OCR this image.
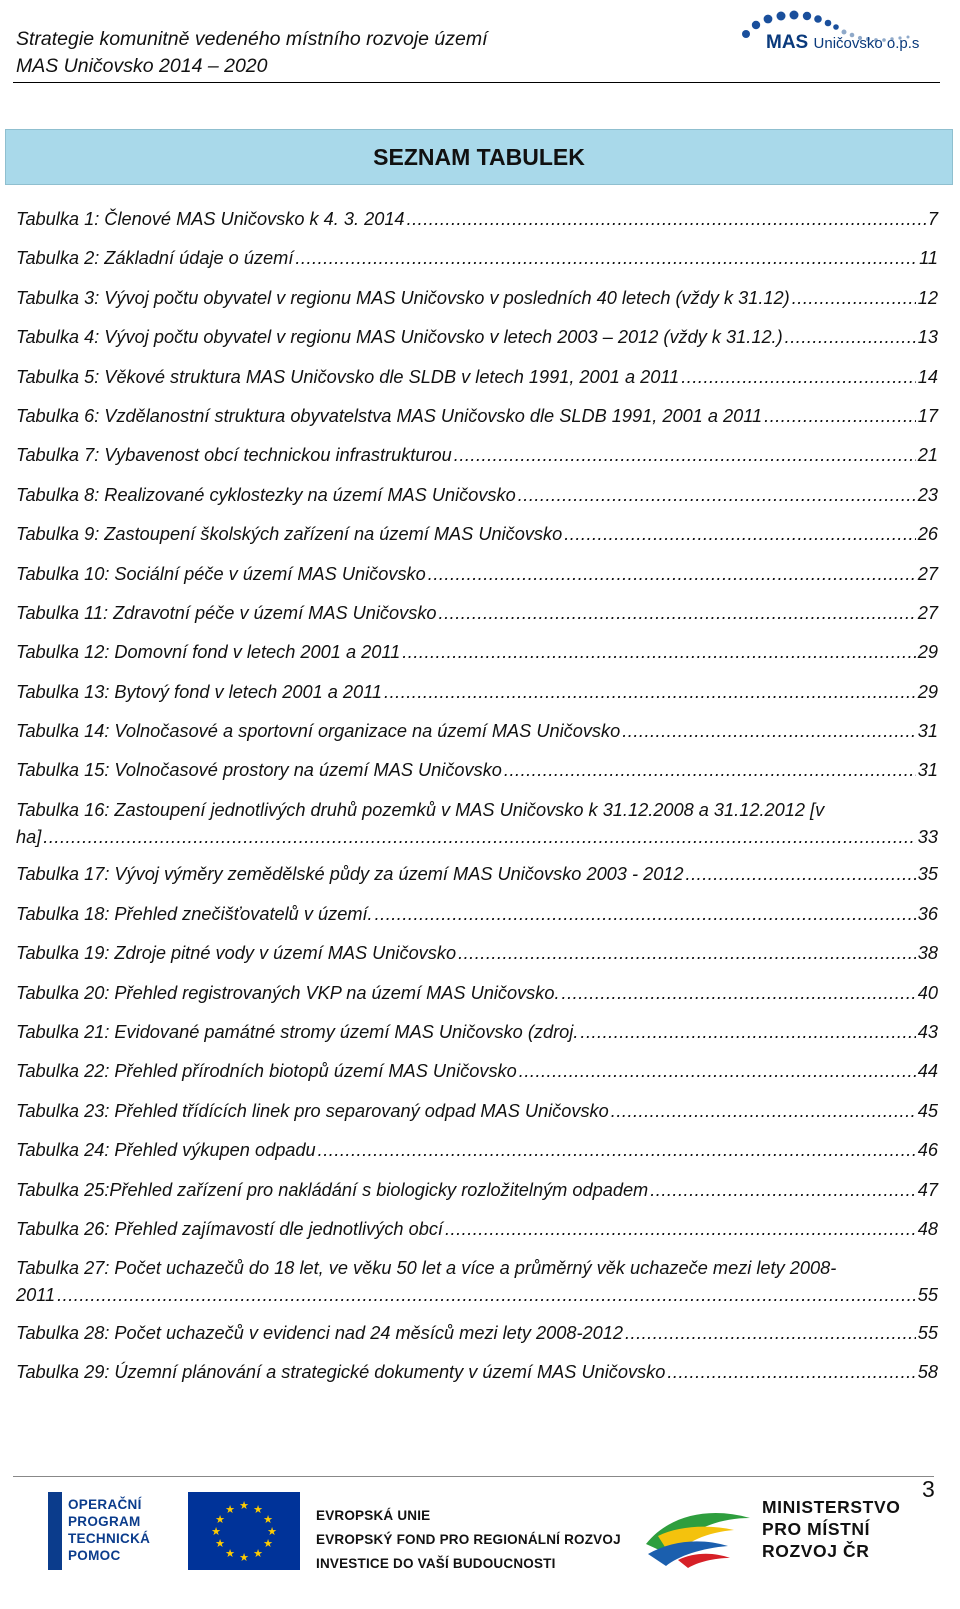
Strategie komunitně vedeného místního rozvoje území
MAS Uničovsko 2014 – 2020
MAS Uničovsko o.p.s
SEZNAM TABULEK
Tabulka 1: Členové MAS Uničovsko k 4. 3. 2014 .....	7
Tabulka 2: Základní údaje o území .....	11
Tabulka 3: Vývoj počtu obyvatel v regionu MAS Uničovsko v posledních 40 letech (vždy k 31.12) .....	12
Tabulka 4: Vývoj počtu obyvatel v regionu MAS Uničovsko v letech 2003 – 2012 (vždy k 31.12.) .....	13
Tabulka 5: Věkové struktura MAS Uničovsko dle SLDB v letech 1991, 2001 a 2011 .....	14
Tabulka 6: Vzdělanostní struktura obyvatelstva MAS Uničovsko dle SLDB 1991, 2001 a 2011 .....	17
Tabulka 7: Vybavenost obcí technickou infrastrukturou .....	21
Tabulka 8: Realizované cyklostezky na území MAS Uničovsko .....	23
Tabulka 9: Zastoupení školských zařízení na území MAS Uničovsko .....	26
Tabulka 10: Sociální péče v území MAS Uničovsko .....	27
Tabulka 11: Zdravotní péče v území MAS Uničovsko .....	27
Tabulka 12: Domovní fond v letech 2001 a 2011 .....	29
Tabulka 13: Bytový fond v letech 2001 a 2011 .....	29
Tabulka 14: Volnočasové a sportovní organizace na území MAS Uničovsko .....	31
Tabulka 15: Volnočasové prostory na území MAS Uničovsko .....	31
Tabulka 16: Zastoupení jednotlivých druhů pozemků v MAS Uničovsko k 31.12.2008 a 31.12.2012 [v
ha] .....	33
Tabulka 17: Vývoj výměry zemědělské půdy za území MAS Uničovsko 2003 - 2012 .....	35
Tabulka 18: Přehled znečišťovatelů v území. .....	36
Tabulka 19: Zdroje pitné vody v území MAS Uničovsko .....	38
Tabulka 20: Přehled registrovaných VKP na území MAS Uničovsko. .....	40
Tabulka 21: Evidované památné stromy území MAS Uničovsko (zdroj. .....	43
Tabulka 22: Přehled přírodních biotopů území MAS Uničovsko .....	44
Tabulka 23: Přehled třídících linek pro separovaný odpad MAS Uničovsko .....	45
Tabulka 24: Přehled výkupen odpadu .....	46
Tabulka 25:Přehled zařízení pro nakládání s biologicky rozložitelným odpadem .....	47
Tabulka 26: Přehled zajímavostí dle jednotlivých obcí .....	48
Tabulka 27: Počet uchazečů do 18 let, ve věku 50 let a více a průměrný věk uchazeče mezi lety 2008-
2011 .....	55
Tabulka 28: Počet uchazečů v evidenci nad 24 měsíců mezi lety 2008-2012 .....	55
Tabulka 29: Územní plánování a strategické dokumenty v území MAS Uničovsko .....	58
3
OPERAČNÍ
PROGRAM
TECHNICKÁ
POMOC
★ ★
★
★
★
★
★
★
★
★
★
★	EVROPSKÁ UNIE
EVROPSKÝ FOND PRO REGIONÁLNÍ ROZVOJ
INVESTICE DO VAŠÍ BUDOUCNOSTI
MINISTERSTVO
PRO MÍSTNÍ
ROZVOJ ČR
